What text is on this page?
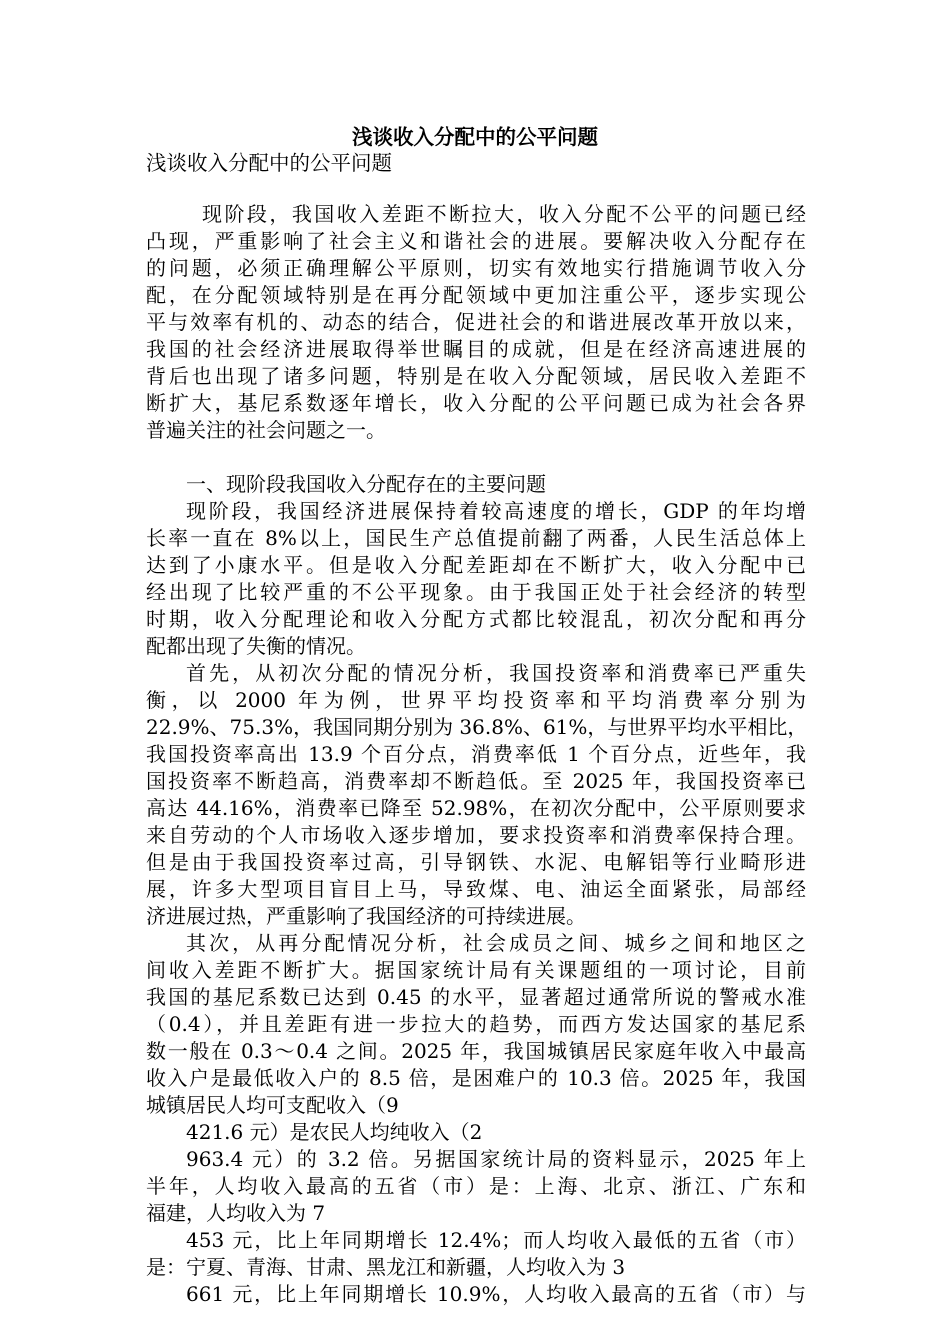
浅谈收入分配中的公平问题
浅谈收入分配中的公平问题
现阶段，我国收入差距不断拉大，收入分配不公平的问题已经
凸现，严重影响了社会主义和谐社会的进展。要解决收入分配存在
的问题，必须正确理解公平原则，切实有效地实行措施调节收入分
配，在分配领域特别是在再分配领域中更加注重公平，逐步实现公
平与效率有机的、动态的结合，促进社会的和谐进展改革开放以来，
我国的社会经济进展取得举世瞩目的成就，但是在经济高速进展的
背后也出现了诸多问题，特别是在收入分配领域，居民收入差距不
断扩大，基尼系数逐年增长，收入分配的公平问题已成为社会各界
普遍关注的社会问题之一。
一、现阶段我国收入分配存在的主要问题
现阶段，我国经济进展保持着较高速度的增长，GDP 的年均增
长率一直在 8%以上，国民生产总值提前翻了两番，人民生活总体上
达到了小康水平。但是收入分配差距却在不断扩大，收入分配中已
经出现了比较严重的不公平现象。由于我国正处于社会经济的转型
时期，收入分配理论和收入分配方式都比较混乱，初次分配和再分
配都出现了失衡的情况。
首先，从初次分配的情况分析，我国投资率和消费率已严重失
衡，以 2000 年为例，世界平均投资率和平均消费率分别为
22.9%、75.3%，我国同期分别为 36.8%、61%，与世界平均水平相比，
我国投资率高出 13.9 个百分点，消费率低 1 个百分点，近些年，我
国投资率不断趋高，消费率却不断趋低。至 2025 年，我国投资率已
高达 44.16%，消费率已降至 52.98%，在初次分配中，公平原则要求
来自劳动的个人市场收入逐步增加，要求投资率和消费率保持合理。
但是由于我国投资率过高，引导钢铁、水泥、电解铝等行业畸形进
展，许多大型项目盲目上马，导致煤、电、油运全面紧张，局部经
济进展过热，严重影响了我国经济的可持续进展。
其次，从再分配情况分析，社会成员之间、城乡之间和地区之
间收入差距不断扩大。据国家统计局有关课题组的一项讨论，目前
我国的基尼系数已达到 0.45 的水平，显著超过通常所说的警戒水准
（0.4），并且差距有进一步拉大的趋势，而西方发达国家的基尼系
数一般在 0.3～0.4 之间。2025 年，我国城镇居民家庭年收入中最高
收入户是最低收入户的 8.5 倍，是困难户的 10.3 倍。2025 年，我国
城镇居民人均可支配收入（9
421.6 元）是农民人均纯收入（2
963.4 元）的 3.2 倍。另据国家统计局的资料显示，2025 年上
半年，人均收入最高的五省（市）是：上海、北京、浙江、广东和
福建，人均收入为 7
453 元，比上年同期增长 12.4%；而人均收入最低的五省（市）
是：宁夏、青海、甘肃、黑龙江和新疆，人均收入为 3
661 元，比上年同期增长 10.9%，人均收入最高的五省（市）与
